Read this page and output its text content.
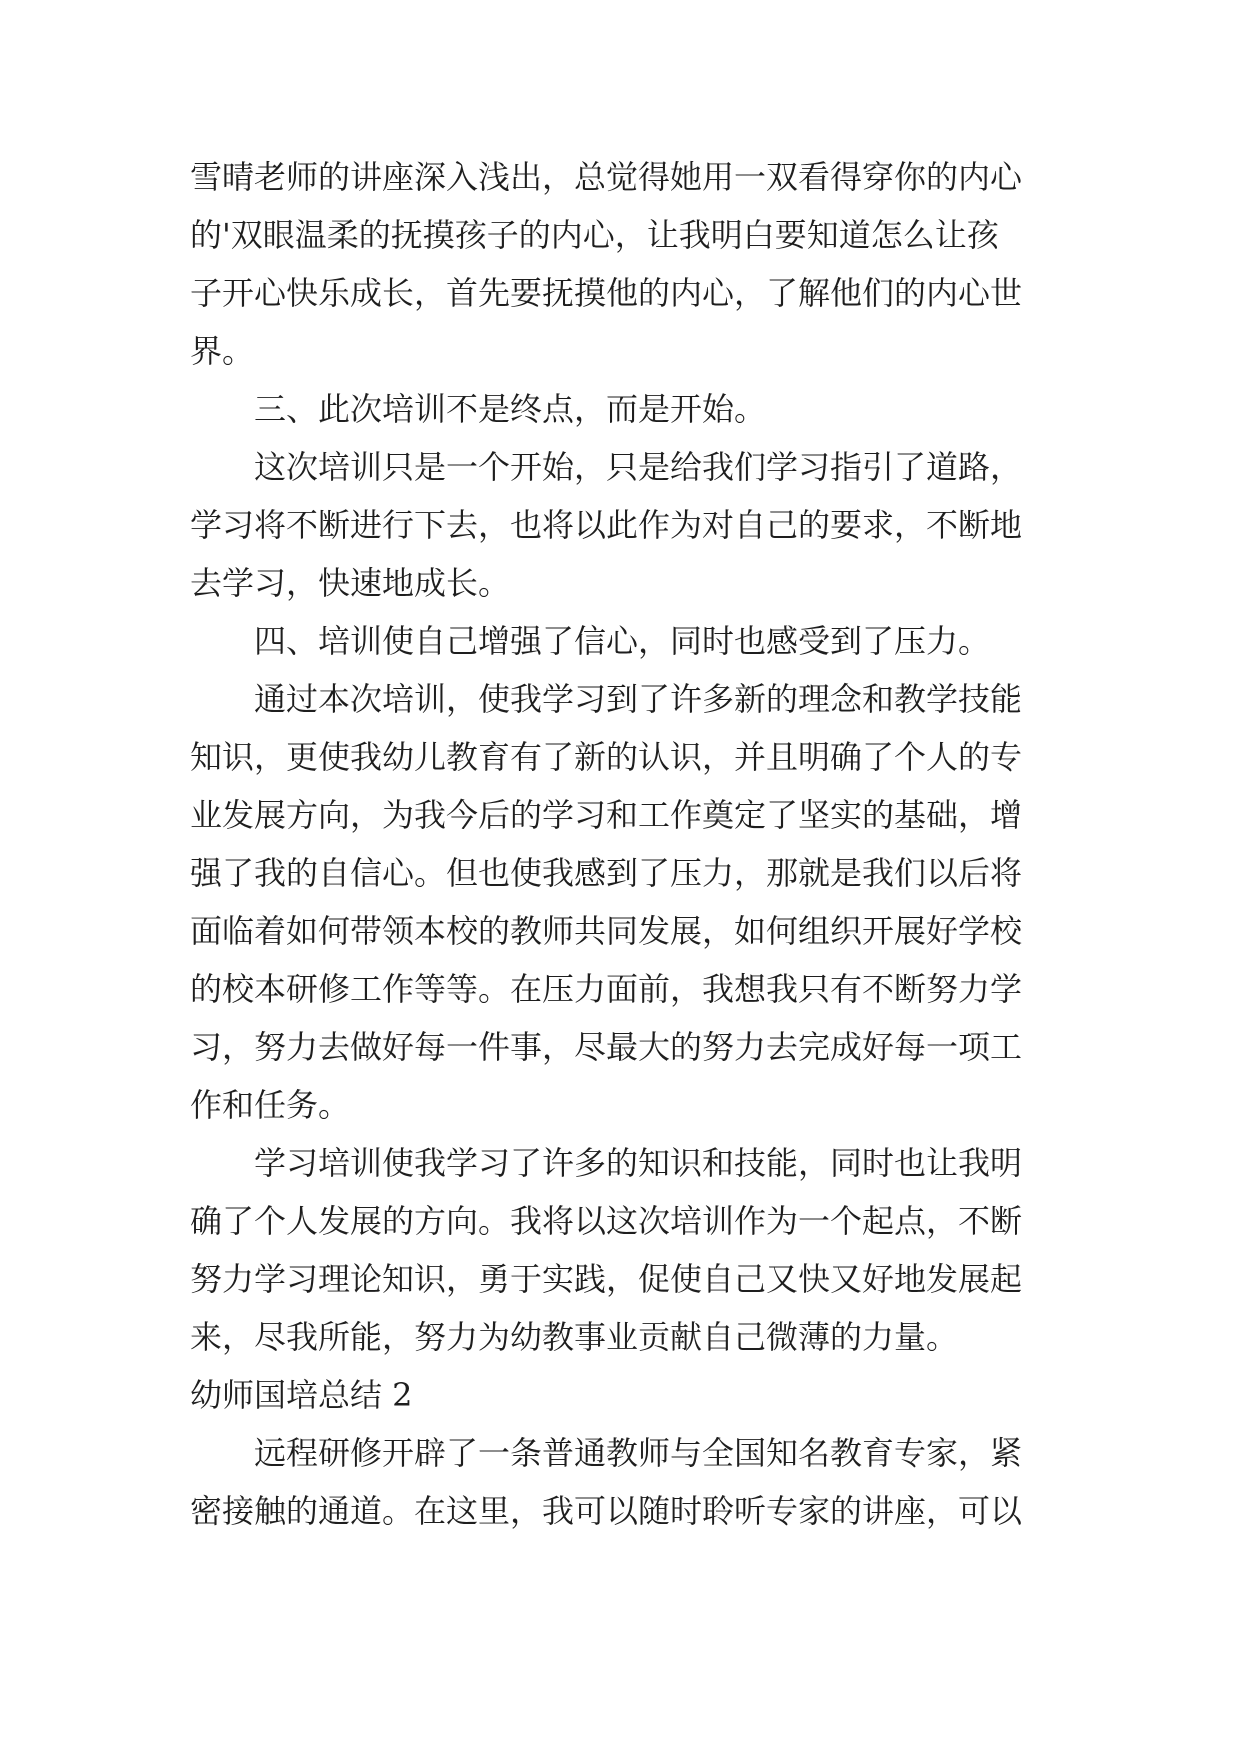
雪晴老师的讲座深入浅出，总觉得她用一双看得穿你的内心
的'双眼温柔的抚摸孩子的内心，让我明白要知道怎么让孩
子开心快乐成长，首先要抚摸他的内心，了解他们的内心世
界。
三、此次培训不是终点，而是开始。
这次培训只是一个开始，只是给我们学习指引了道路，
学习将不断进行下去，也将以此作为对自己的要求，不断地
去学习，快速地成长。
四、培训使自己增强了信心，同时也感受到了压力。
通过本次培训，使我学习到了许多新的理念和教学技能
知识，更使我幼儿教育有了新的认识，并且明确了个人的专
业发展方向，为我今后的学习和工作奠定了坚实的基础，增
强了我的自信心。但也使我感到了压力，那就是我们以后将
面临着如何带领本校的教师共同发展，如何组织开展好学校
的校本研修工作等等。在压力面前，我想我只有不断努力学
习，努力去做好每一件事，尽最大的努力去完成好每一项工
作和任务。
学习培训使我学习了许多的知识和技能，同时也让我明
确了个人发展的方向。我将以这次培训作为一个起点，不断
努力学习理论知识，勇于实践，促使自己又快又好地发展起
来，尽我所能，努力为幼教事业贡献自己微薄的力量。
幼师国培总结 2
远程研修开辟了一条普通教师与全国知名教育专家，紧
密接触的通道。在这里，我可以随时聆听专家的讲座，可以
